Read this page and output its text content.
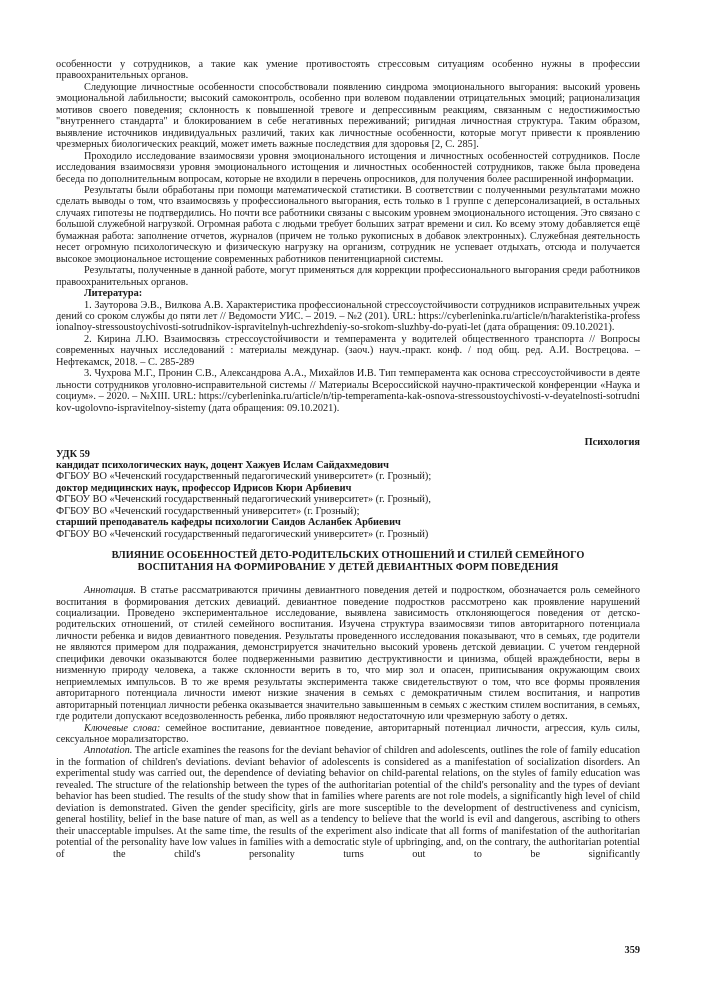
особенности у сотрудников, а такие как умение противостоять стрессовым ситуациям особенно нужны в профессии правоохранительных органов.

Следующие личностные особенности способствовали появлению синдрома эмоционального выгорания: высокий уровень эмоциональной лабильности; высокий самоконтроль, особенно при волевом подавлении отрицательных эмоций; рационализация мотивов своего поведения; склонность к повышенной тревоге и депрессивным реакциям, связанным с недостижимостью "внутреннего стандарта" и блокированием в себе негативных переживаний; ригидная личностная структура. Таким образом, выявление источников индивидуальных различий, таких как личностные особенности, которые могут привести к проявлению чрезмерных биологических реакций, может иметь важные последствия для здоровья [2, С. 285].

Проходило исследование взаимосвязи уровня эмоционального истощения и личностных особенностей сотрудников. После исследования взаимосвязи уровня эмоционального истощения и личностных особенностей сотрудников, также была проведена беседа по дополнительным вопросам, которые не входили в перечень опросников, для получения более расширенной информации.

Результаты были обработаны при помощи математической статистики. В соответствии с полученными результатами можно сделать выводы о том, что взаимосвязь у профессионального выгорания, есть только в 1 группе с деперсонализацией, в остальных случаях гипотезы не подтвердились. Но почти все работники связаны с высоким уровнем эмоционального истощения. Это связано с большой служебной нагрузкой. Огромная работа с людьми требует больших затрат времени и сил. Ко всему этому добавляется ещё бумажная работа: заполнение отчетов, журналов (причем не только рукописных в добавок электронных). Служебная деятельность несет огромную психологическую и физическую нагрузку на организм, сотрудник не успевает отдыхать, отсюда и получается высокое эмоциональное истощение современных работников пенитенциарной системы.

Результаты, полученные в данной работе, могут применяться для коррекции профессионального выгорания среди работников правоохранительных органов.

Литература:

1. Зауторова Э.В., Вилкова А.В. Характеристика профессиональной стрессоустойчивости сотрудников исправительных учреждений со сроком службы до пяти лет // Ведомости УИС. – 2019. – №2 (201). URL: https://cyberleninka.ru/article/n/harakteristika-professionalnoy-stressoustoychivosti-sotrudnikov-ispravitelnyh-uchrezhdeniy-so-srokom-sluzhby-do-pyati-let (дата обращения: 09.10.2021).

2. Кирина Л.Ю. Взаимосвязь стрессоустойчивости и темперамента у водителей общественного транспорта // Вопросы современных научных исследований : материалы междунар. (заоч.) науч.-практ. конф. / под общ. ред. А.И. Вострецова. – Нефтекамск, 2018. – С. 285-289

3. Чухрова М.Г., Пронин С.В., Александрова А.А., Михайлов И.В. Тип темперамента как основа стрессоустойчивости в деятельности сотрудников уголовно-исправительной системы // Материалы Всероссийской научно-практической конференции «Наука и социум». – 2020. – №XIII. URL: https://cyberleninka.ru/article/n/tip-temperamenta-kak-osnova-stressoustoychivosti-v-deyatelnosti-sotrudnikov-ugolovno-ispravitelnoy-sistemy (дата обращения: 09.10.2021).

Психология

УДК 59

кандидат психологических наук, доцент Хажуев Ислам Сайдахмедович

ФГБОУ ВО «Чеченский государственный педагогический университет» (г. Грозный);

доктор медицинских наук, профессор Идрисов Кюри Арбиевич

ФГБОУ ВО «Чеченский государственный педагогический университет» (г. Грозный),

ФГБОУ ВО «Чеченский государственный университет» (г. Грозный);

старший преподаватель кафедры психологии Саидов Асланбек Арбиевич

ФГБОУ ВО «Чеченский государственный педагогический университет» (г. Грозный)

ВЛИЯНИЕ ОСОБЕННОСТЕЙ ДЕТО-РОДИТЕЛЬСКИХ ОТНОШЕНИЙ И СТИЛЕЙ СЕМЕЙНОГО
ВОСПИТАНИЯ НА ФОРМИРОВАНИЕ У ДЕТЕЙ ДЕВИАНТНЫХ ФОРМ ПОВЕДЕНИЯ

Аннотация. В статье рассматриваются причины девиантного поведения детей и подростком, обозначается роль семейного воспитания в формирования детских девиаций. девиантное поведение подростков рассмотрено как проявление нарушений социализации. Проведено экспериментальное исследование, выявлена зависимость отклоняющегося поведения от детско-родительских отношений, от стилей семейного воспитания. Изучена структура взаимосвязи типов авторитарного потенциала личности ребенка и видов девиантного поведения. Результаты проведенного исследования показывают, что в семьях, где родители не являются примером для подражания, демонстрируется значительно высокий уровень детской девиации. С учетом гендерной специфики девочки оказываются более подверженными развитию деструктивности и цинизма, общей враждебности, веры в низменную природу человека, а также склонности верить в то, что мир зол и опасен, приписывания окружающим своих неприемлемых импульсов. В то же время результаты эксперимента также свидетельствуют о том, что все формы проявления авторитарного потенциала личности имеют низкие значения в семьях с демократичным стилем воспитания, и напротив авторитарный потенциал личности ребенка оказывается значительно завышенным в семьях с жестким стилем воспитания, в семьях, где родители допускают вседозволенность ребенка, либо проявляют недостаточную или чрезмерную заботу о детях.

Ключевые слова: семейное воспитание, девиантное поведение, авторитарный потенциал личности, агрессия, куль силы, сексуальное морализаторство.

Annotation. The article examines the reasons for the deviant behavior of children and adolescents, outlines the role of family education in the formation of children's deviations. deviant behavior of adolescents is considered as a manifestation of socialization disorders. An experimental study was carried out, the dependence of deviating behavior on child-parental relations, on the styles of family education was revealed. The structure of the relationship between the types of the authoritarian potential of the child's personality and the types of deviant behavior has been studied. The results of the study show that in families where parents are not role models, a significantly high level of child deviation is demonstrated. Given the gender specificity, girls are more susceptible to the development of destructiveness and cynicism, general hostility, belief in the base nature of man, as well as a tendency to believe that the world is evil and dangerous, ascribing to others their unacceptable impulses. At the same time, the results of the experiment also indicate that all forms of manifestation of the authoritarian potential of the personality have low values in families with a democratic style of upbringing, and, on the contrary, the authoritarian potential of the child's personality turns out to be significantly

359
